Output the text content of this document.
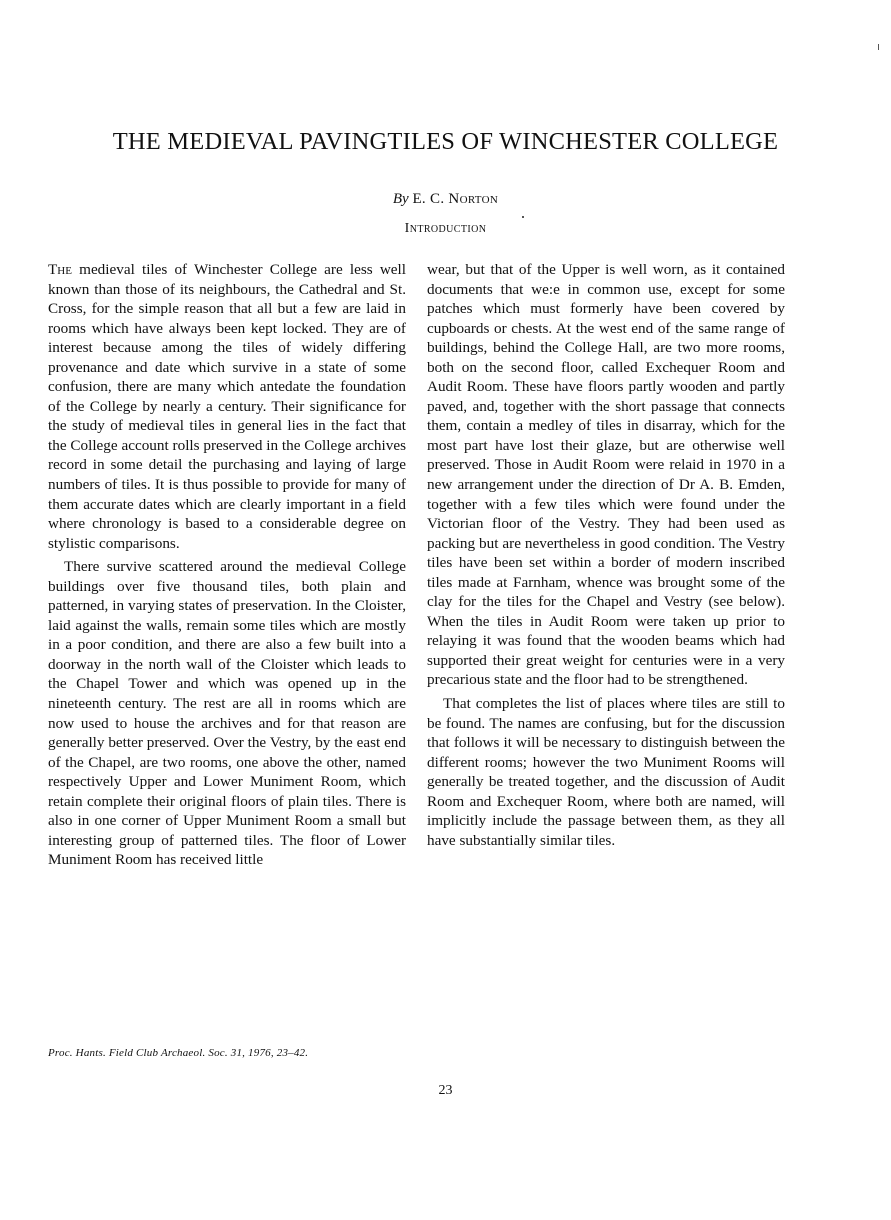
THE MEDIEVAL PAVINGTILES OF WINCHESTER COLLEGE
By E. C. Norton
Introduction

The medieval tiles of Winchester College are less well known than those of its neighbours, the Cathedral and St. Cross, for the simple reason that all but a few are laid in rooms which have always been kept locked. They are of interest because among the tiles of widely differing provenance and date which survive in a state of some confusion, there are many which antedate the foundation of the College by nearly a century. Their significance for the study of medieval tiles in general lies in the fact that the College account rolls preserved in the College archives record in some detail the purchasing and laying of large numbers of tiles. It is thus possible to provide for many of them accurate dates which are clearly important in a field where chronology is based to a considerable degree on stylistic comparisons.

There survive scattered around the medieval College buildings over five thousand tiles, both plain and patterned, in varying states of preservation. In the Cloister, laid against the walls, remain some tiles which are mostly in a poor condition, and there are also a few built into a doorway in the north wall of the Cloister which leads to the Chapel Tower and which was opened up in the nineteenth century. The rest are all in rooms which are now used to house the archives and for that reason are generally better preserved. Over the Vestry, by the east end of the Chapel, are two rooms, one above the other, named respectively Upper and Lower Muniment Room, which retain complete their original floors of plain tiles. There is also in one corner of Upper Muniment Room a small but interesting group of patterned tiles. The floor of Lower Muniment Room has received little

wear, but that of the Upper is well worn, as it contained documents that we:e in common use, except for some patches which must formerly have been covered by cupboards or chests. At the west end of the same range of buildings, behind the College Hall, are two more rooms, both on the second floor, called Exchequer Room and Audit Room. These have floors partly wooden and partly paved, and, together with the short passage that connects them, contain a medley of tiles in disarray, which for the most part have lost their glaze, but are otherwise well preserved. Those in Audit Room were relaid in 1970 in a new arrangement under the direction of Dr A. B. Emden, together with a few tiles which were found under the Victorian floor of the Vestry. They had been used as packing but are nevertheless in good condition. The Vestry tiles have been set within a border of modern inscribed tiles made at Farnham, whence was brought some of the clay for the tiles for the Chapel and Vestry (see below). When the tiles in Audit Room were taken up prior to relaying it was found that the wooden beams which had supported their great weight for centuries were in a very precarious state and the floor had to be strengthened.

That completes the list of places where tiles are still to be found. The names are confusing, but for the discussion that follows it will be necessary to distinguish between the different rooms; however the two Muniment Rooms will generally be treated together, and the discussion of Audit Room and Exchequer Room, where both are named, will implicitly include the passage between them, as they all have substantially similar tiles.

Proc. Hants. Field Club Archaeol. Soc. 31, 1976, 23–42.
23
